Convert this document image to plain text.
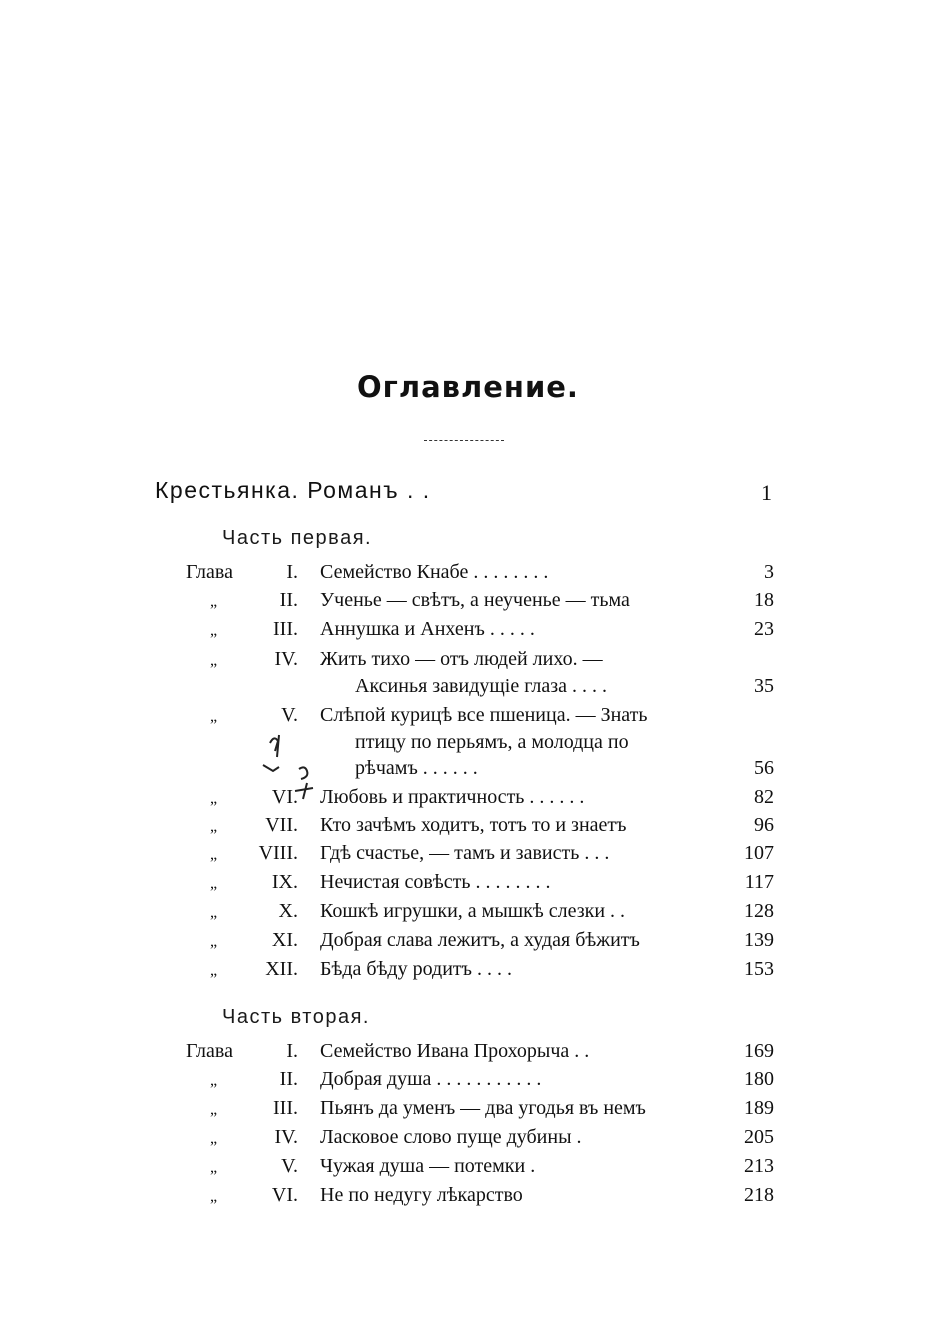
Оглавление.
Крестьянка. Романъ . .	1
Часть первая.
Глава	I. Семейство Кнабе . . . . . . . .	3
„	II. Ученье — свѣтъ, а неученье — тьма	18
„	III. Аннушка и Анхенъ . . . . .	23
„	IV. Жить тихо — отъ людей лихо. —
Аксинья завидущіе глаза . . . .	35
„	V. Слѣпой курицѣ все пшеница. — Знать
птицу по перьямъ, а молодца по
рѣчамъ . . . . . .	56
„	VI. Любовь и практичность . . . . . .	82
„	VII. Кто зачѣмъ ходитъ, тотъ то и знаетъ	96
„	VIII. Гдѣ счастье, — тамъ и зависть . . .	107
„	IX. Нечистая совѣсть . . . . . . . .	117
„	X. Кошкѣ игрушки, а мышкѣ слезки . .	128
„	XI. Добрая слава лежитъ, а худая бѣжитъ	139
„	XII. Бѣда бѣду родитъ . . . .	153
Часть вторая.
Глава	I. Семейство Ивана Прохорыча . .	169
„	II. Добрая душа . . . . . . . . . . .	180
„	III. Пьянъ да уменъ — два угодья въ немъ	189
„	IV. Ласковое слово пуще дубины .	205
„	V. Чужая душа — потемки .	213
„	VI. Не по недугу лѣкарство	218
